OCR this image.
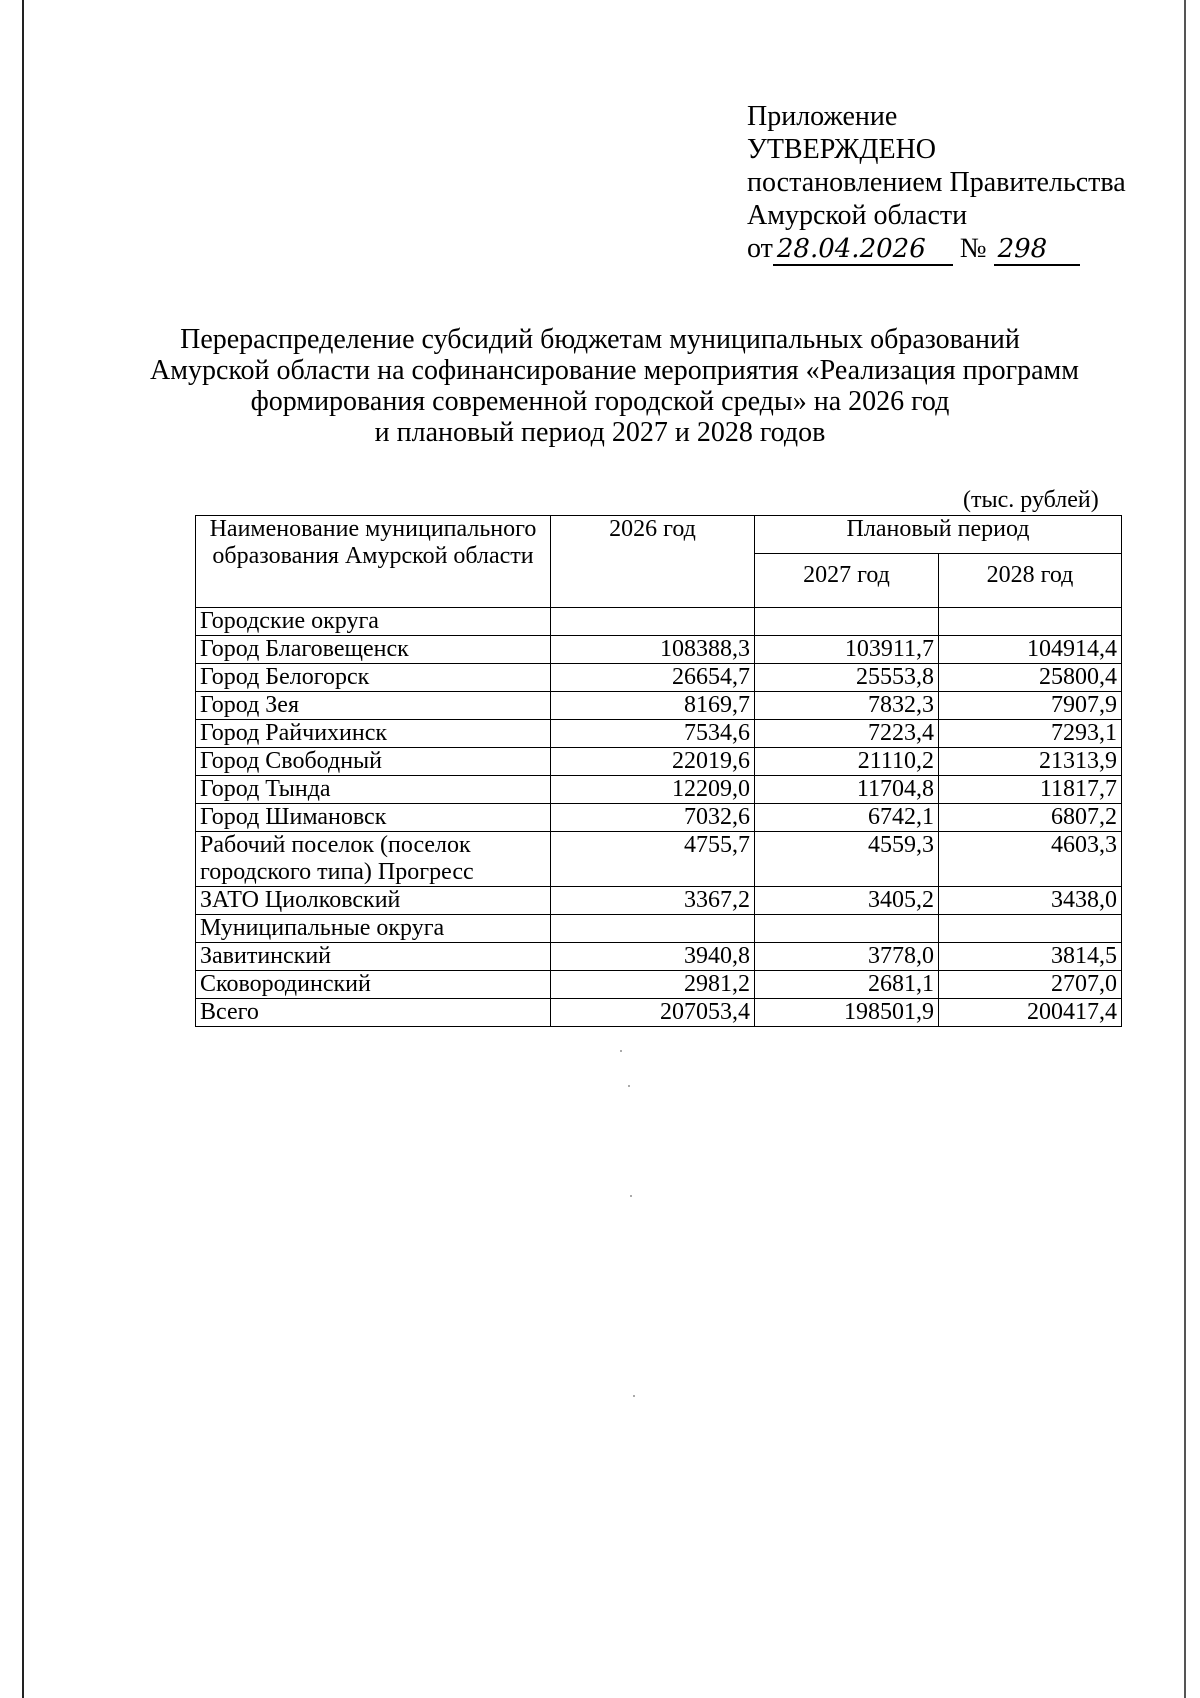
Приложение
УТВЕРЖДЕНО
постановлением Правительства
Амурской области
от 28.04.2026 № 298
Перераспределение субсидий бюджетам муниципальных образований
Амурской области на софинансирование мероприятия «Реализация программ
формирования современной городской среды» на 2026 год
и плановый период 2027 и 2028 годов
(тыс. рублей)
Наименование муниципального образования Амурской области	2026 год	Плановый период	
		2027 год	2028 год
Городские округа			
Город Благовещенск	108388,3	103911,7	104914,4
Город Белогорск	26654,7	25553,8	25800,4
Город Зея	8169,7	7832,3	7907,9
Город Райчихинск	7534,6	7223,4	7293,1
Город Свободный	22019,6	21110,2	21313,9
Город Тында	12209,0	11704,8	11817,7
Город Шимановск	7032,6	6742,1	6807,2
Рабочий поселок (поселок городского типа) Прогресс	4755,7	4559,3	4603,3
ЗАТО Циолковский	3367,2	3405,2	3438,0
Муниципальные округа			
Завитинский	3940,8	3778,0	3814,5
Сковородинский	2981,2	2681,1	2707,0
Всего	207053,4	198501,9	200417,4
